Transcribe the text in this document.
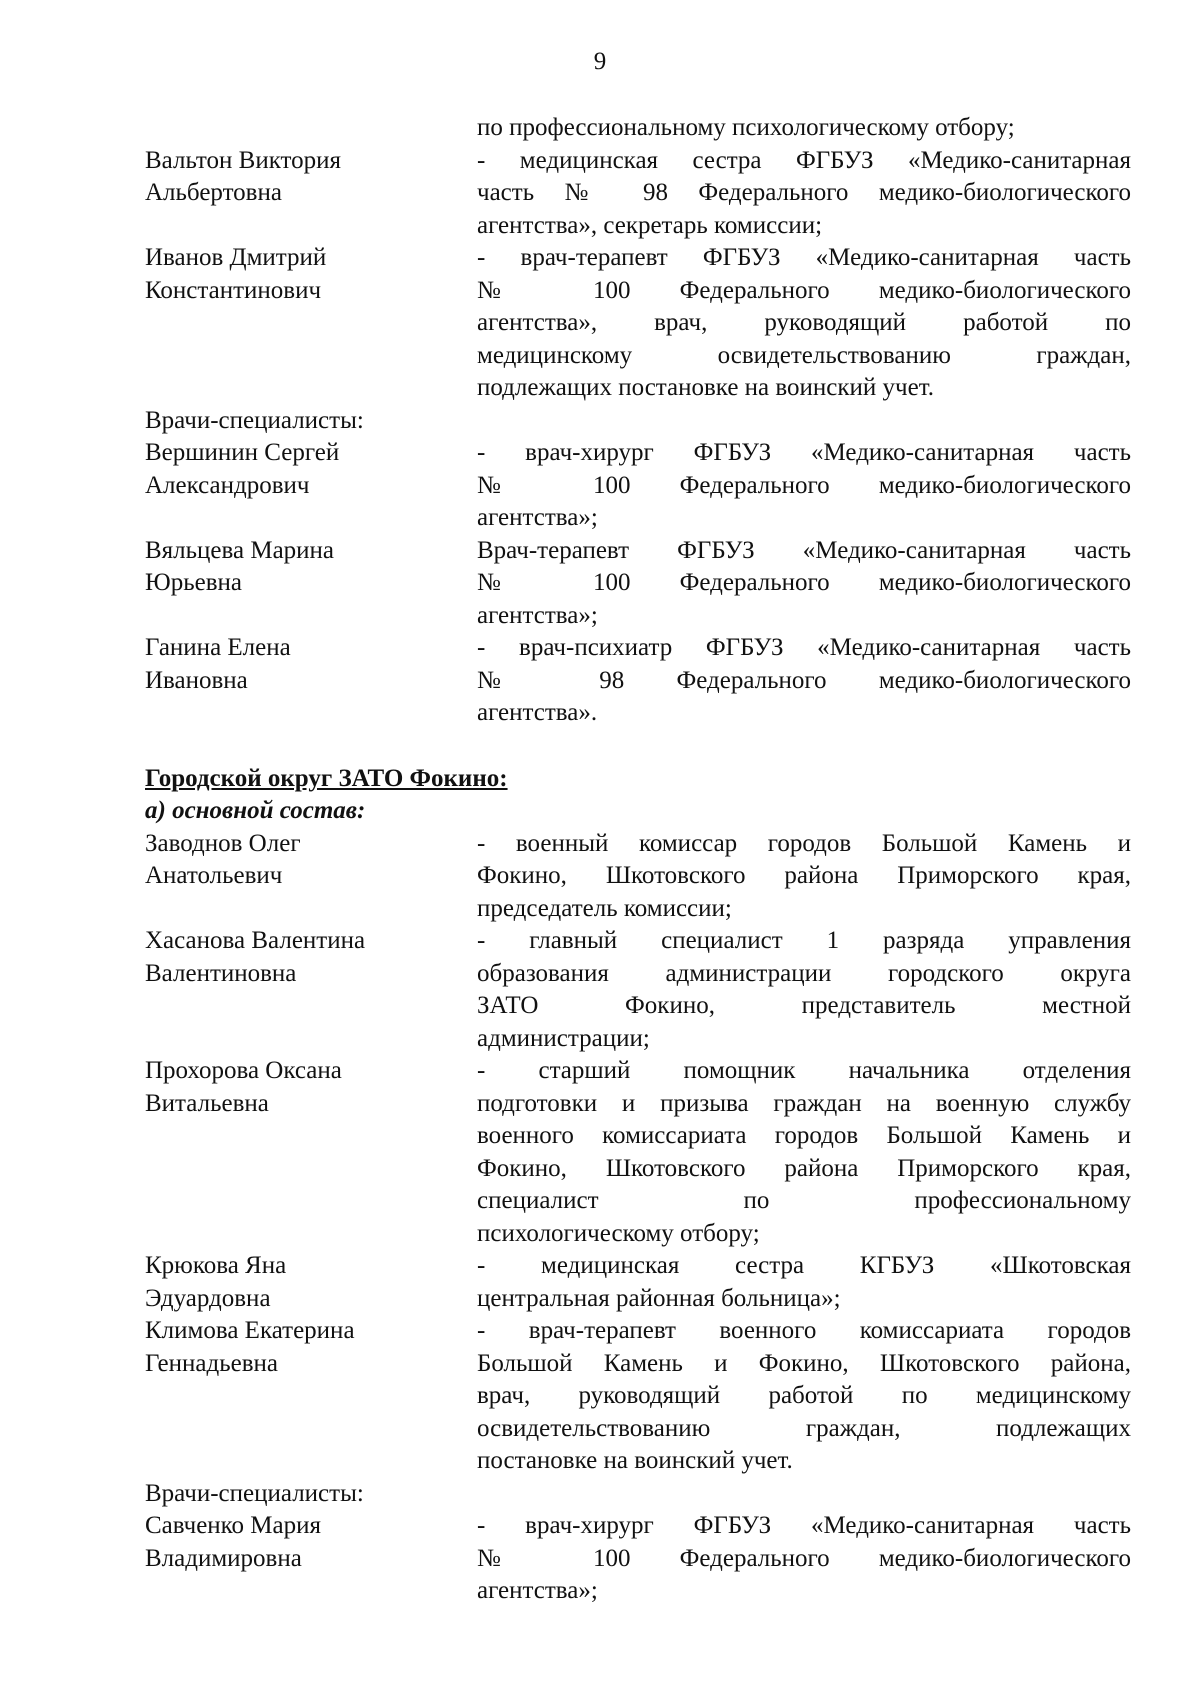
9
по профессиональному психологическому отбору;
Вальтон Виктория
Альбертовна
- медицинская сестра ФГБУЗ «Медико-санитарная
часть № 98 Федерального медико-биологического
агентства», секретарь комиссии;
Иванов Дмитрий
Константинович
- врач-терапевт ФГБУЗ «Медико-санитарная часть
№ 100 Федерального медико-биологического
агентства», врач, руководящий работой по
медицинскому освидетельствованию граждан,
подлежащих постановке на воинский учет.
Врачи-специалисты:
Вершинин Сергей
Александрович
- врач-хирург ФГБУЗ «Медико-санитарная часть
№ 100 Федерального медико-биологического
агентства»;
Вяльцева Марина
Юрьевна
Врач-терапевт ФГБУЗ «Медико-санитарная часть
№ 100 Федерального медико-биологического
агентства»;
Ганина Елена
Ивановна
- врач-психиатр ФГБУЗ «Медико-санитарная часть
№ 98 Федерального медико-биологического
агентства».
Городской округ ЗАТО Фокино:
а) основной состав:
Заводнов Олег
Анатольевич
- военный комиссар городов Большой Камень и
Фокино, Шкотовского района Приморского края,
председатель комиссии;
Хасанова Валентина
Валентиновна
- главный специалист 1 разряда управления
образования администрации городского округа
ЗАТО Фокино, представитель местной
администрации;
Прохорова Оксана
Витальевна
- старший помощник начальника отделения
подготовки и призыва граждан на военную службу
военного комиссариата городов Большой Камень и
Фокино, Шкотовского района Приморского края,
специалист по профессиональному
психологическому отбору;
Крюкова Яна
Эдуардовна
- медицинская сестра КГБУЗ «Шкотовская
центральная районная больница»;
Климова Екатерина
Геннадьевна
- врач-терапевт военного комиссариата городов
Большой Камень и Фокино, Шкотовского района,
врач, руководящий работой по медицинскому
освидетельствованию граждан, подлежащих
постановке на воинский учет.
Врачи-специалисты:
Савченко Мария
Владимировна
- врач-хирург ФГБУЗ «Медико-санитарная часть
№ 100 Федерального медико-биологического
агентства»;
